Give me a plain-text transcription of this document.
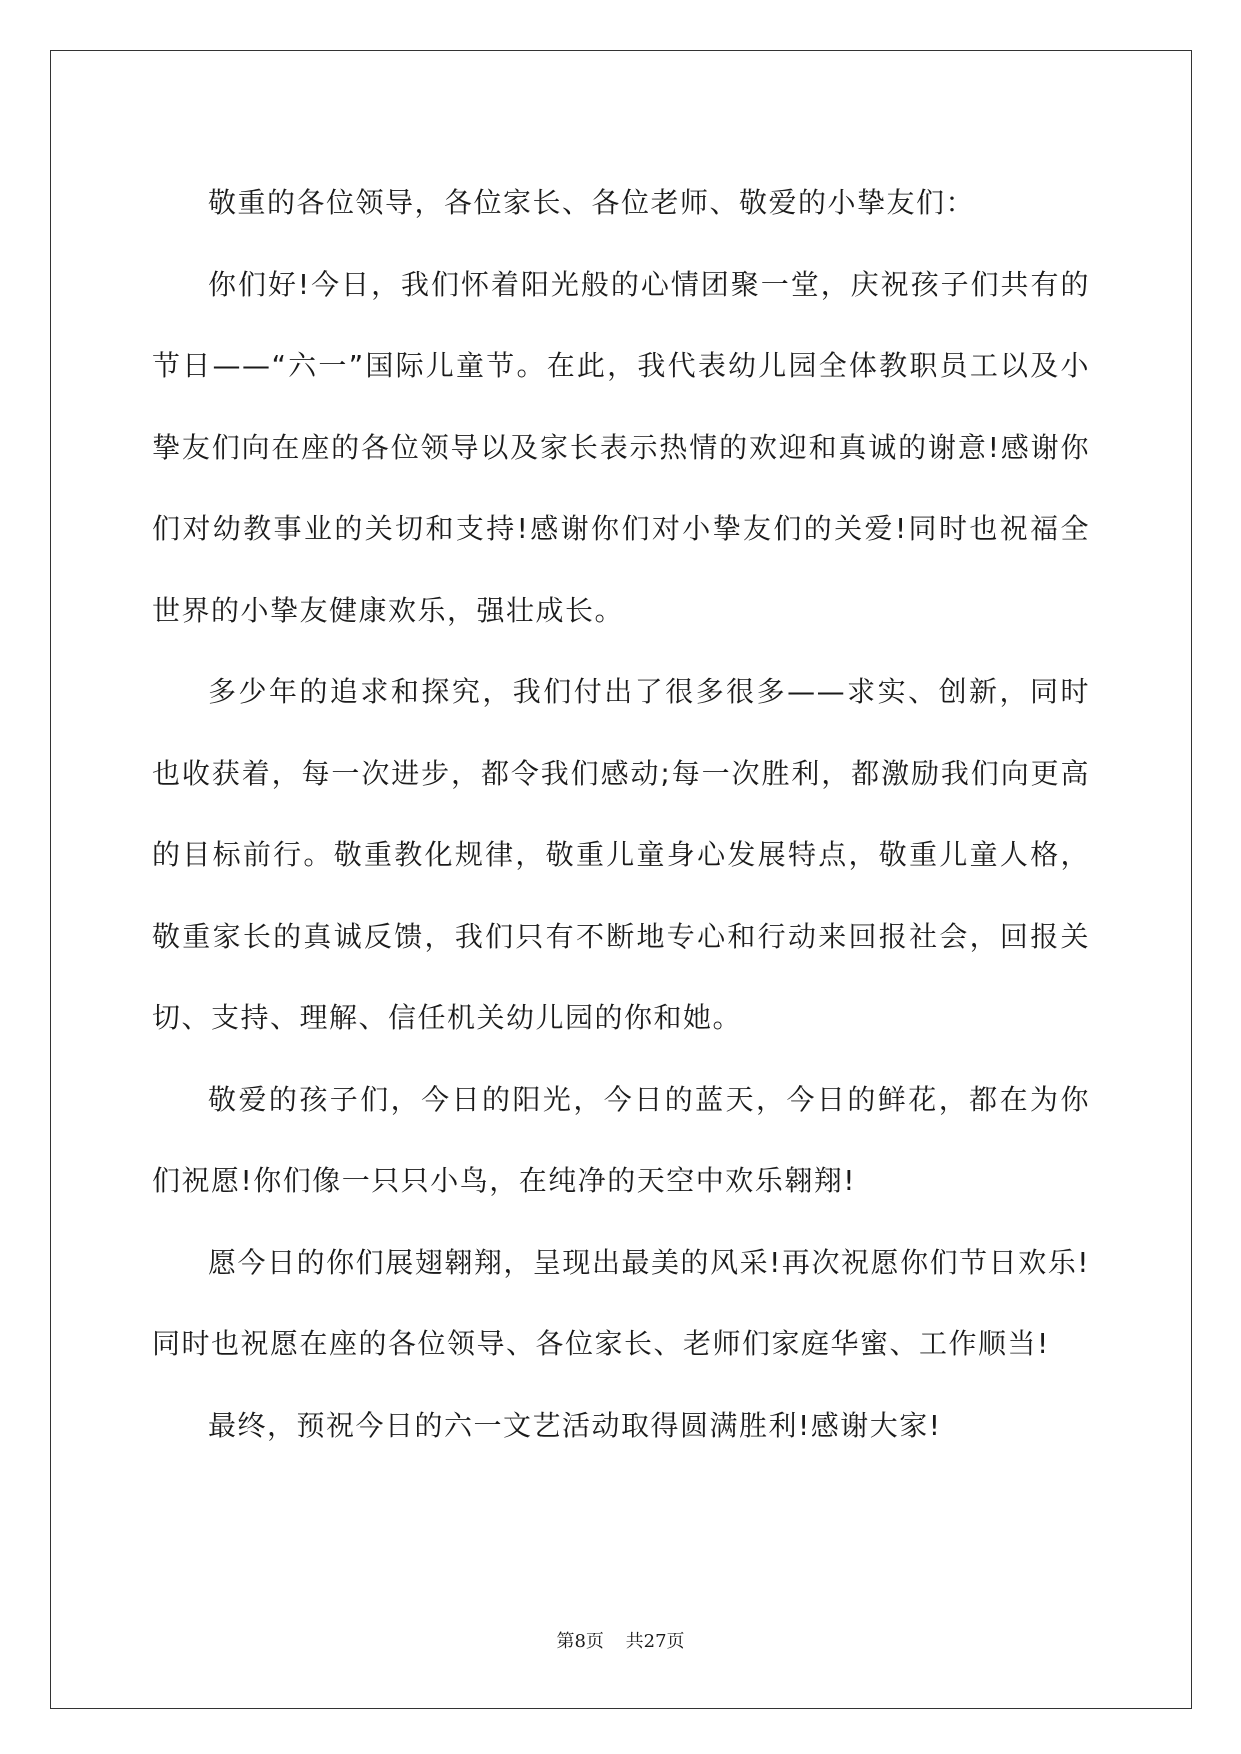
敬重的各位领导，各位家长、各位老师、敬爱的小挚友们：

你们好!今日，我们怀着阳光般的心情团聚一堂，庆祝孩子们共有的节日——“六一”国际儿童节。在此，我代表幼儿园全体教职员工以及小挚友们向在座的各位领导以及家长表示热情的欢迎和真诚的谢意!感谢你们对幼教事业的关切和支持!感谢你们对小挚友们的关爱!同时也祝福全世界的小挚友健康欢乐，强壮成长。

多少年的追求和探究，我们付出了很多很多——求实、创新，同时也收获着，每一次进步，都令我们感动;每一次胜利，都激励我们向更高的目标前行。敬重教化规律，敬重儿童身心发展特点，敬重儿童人格，敬重家长的真诚反馈，我们只有不断地专心和行动来回报社会，回报关切、支持、理解、信任机关幼儿园的你和她。

敬爱的孩子们，今日的阳光，今日的蓝天，今日的鲜花，都在为你们祝愿!你们像一只只小鸟，在纯净的天空中欢乐翱翔!

愿今日的你们展翅翱翔，呈现出最美的风采!再次祝愿你们节日欢乐!同时也祝愿在座的各位领导、各位家长、老师们家庭华蜜、工作顺当!

最终，预祝今日的六一文艺活动取得圆满胜利!感谢大家!

第8页 共27页
